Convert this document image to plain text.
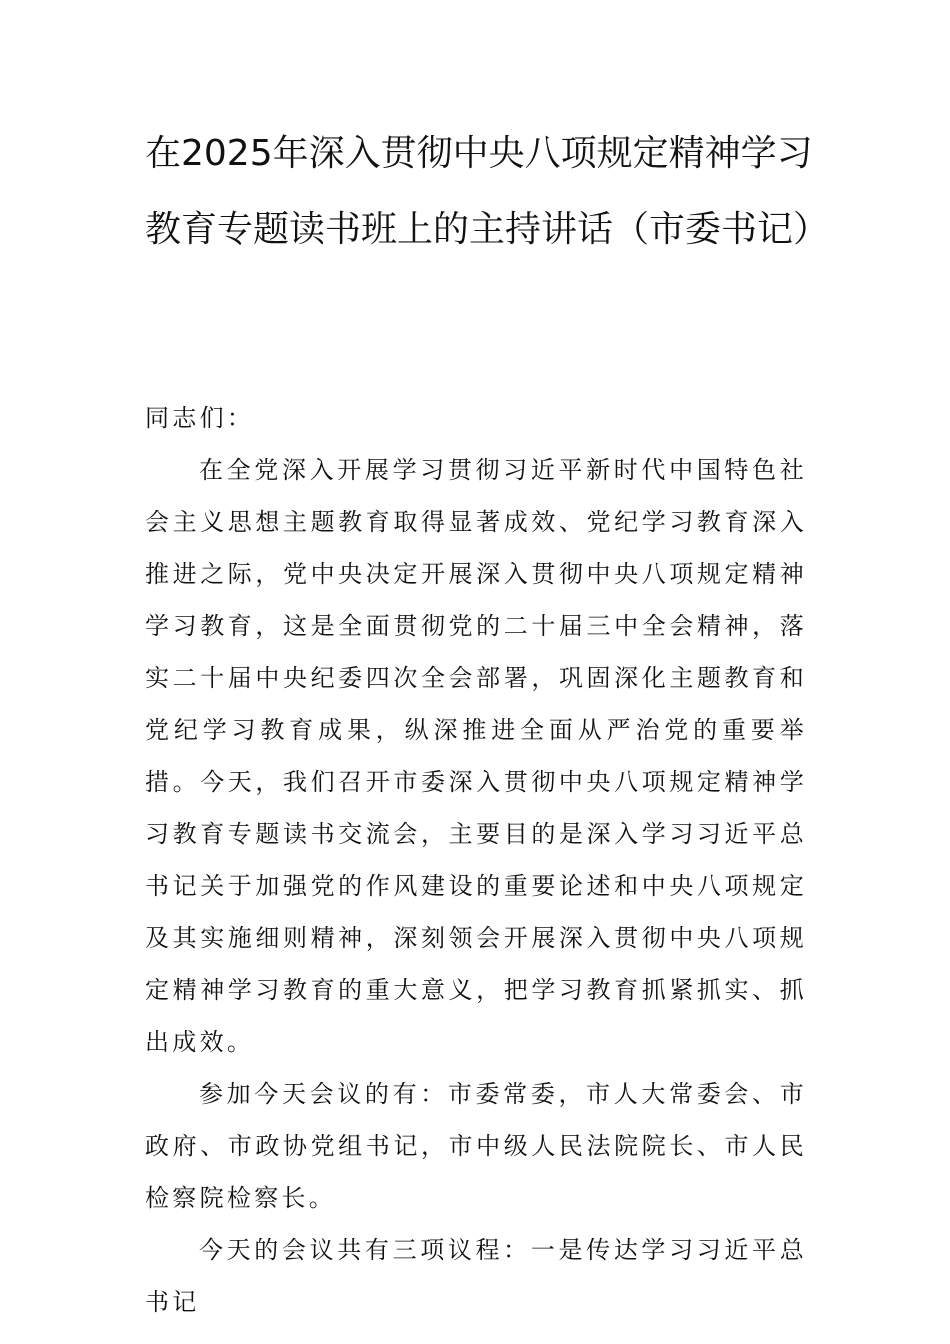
在2025年深入贯彻中央八项规定精神学习
教育专题读书班上的主持讲话（市委书记）

同志们：

在全党深入开展学习贯彻习近平新时代中国特色社会主义思想主题教育取得显著成效、党纪学习教育深入推进之际，党中央决定开展深入贯彻中央八项规定精神学习教育，这是全面贯彻党的二十届三中全会精神，落实二十届中央纪委四次全会部署，巩固深化主题教育和党纪学习教育成果，纵深推进全面从严治党的重要举措。今天，我们召开市委深入贯彻中央八项规定精神学习教育专题读书交流会，主要目的是深入学习习近平总书记关于加强党的作风建设的重要论述和中央八项规定及其实施细则精神，深刻领会开展深入贯彻中央八项规定精神学习教育的重大意义，把学习教育抓紧抓实、抓出成效。

参加今天会议的有：市委常委，市人大常委会、市政府、市政协党组书记，市中级人民法院院长、市人民检察院检察长。

今天的会议共有三项议程：一是传达学习习近平总书记
